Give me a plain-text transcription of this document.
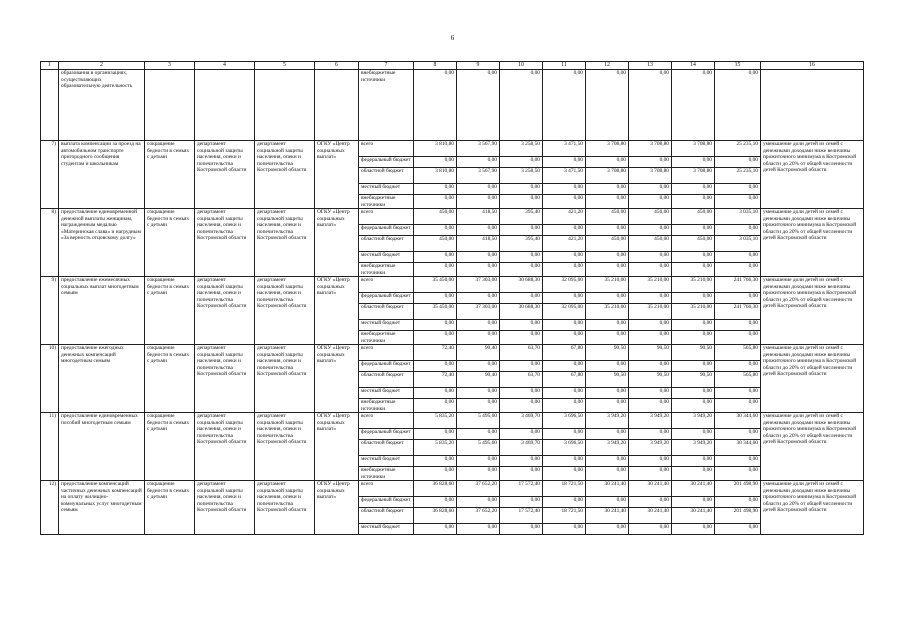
6
1	2	3	4	5	6	7	8	9	10	11	12	13	14	15	16
	образования в организациях, осуществляющих образовательную деятельность					внебюджетные источники	0,00	0,00	0,00	0,00	0,00	0,00	0,00	0,00	
7)	выплата компенсации за проезд на автомобильном транспорте пригородного сообщения студентам и школьникам	сокращение бедности в семьях с детьми	департамент социальной защиты населения, опеки и попечительства Костромской области	департамент социальной защиты населения, опеки и попечительства Костромской области	ОГКУ «Центр социальных выплат»	всего	3 810,80	3 567,90	3 258,50	3 471,50	3 708,80	3 708,80	3 708,80	25 235,10	уменьшение доли детей из семей с денежными доходами ниже величины прожиточного минимума в Костромской области до 20% от общей численности детей Костромской области
						федеральный бюджет	0,00	0,00	0,00	0,00	0,00	0,00	0,00	0,00	
						областной бюджет	3 810,80	3 567,90	3 258,50	3 471,50	3 708,80	3 708,80	3 708,80	25 235,10	
						местный бюджет	0,00	0,00	0,00	0,00	0,00	0,00	0,00	0,00	
						внебюджетные источники	0,00	0,00	0,00	0,00	0,00	0,00	0,00	0,00	
8)	предоставление единовременной денежной выплаты женщинам, награжденным медалью «Материнская слава» и нагрудным «За верность отцовскому долгу»	сокращение бедности в семьях с детьми	департамент социальной защиты населения, опеки и попечительства Костромской области	департамент социальной защиты населения, опеки и попечительства Костромской области	ОГКУ «Центр социальных выплат»	всего	450,00	418,50	395,40	421,20	450,00	450,00	450,00	3 035,10	уменьшение доли детей из семей с денежными доходами ниже величины прожиточного минимума в Костромской области до 20% от общей численности детей Костромской области
						федеральный бюджет	0,00	0,00	0,00	0,00	0,00	0,00	0,00	0,00	
						областной бюджет	450,00	418,50	395,40	421,20	450,00	450,00	450,00	3 035,10	
						местный бюджет	0,00	0,00	0,00	0,00	0,00	0,00	0,00	0,00	
						внебюджетные источники	0,00	0,00	0,00	0,00	0,00	0,00	0,00	0,00	
9)	предоставление ежемесячных социальных выплат многодетным семьям	сокращение бедности в семьях с детьми	департамент социальной защиты населения, опеки и попечительства Костромской области	департамент социальной защиты населения, опеки и попечительства Костромской области	ОГКУ «Центр социальных выплат»	всего	35 450,00	37 303,00	30 688,30	32 095,00	35 210,00	35 210,00	35 210,00	241 766,30	уменьшение доли детей из семей с денежными доходами ниже величины прожиточного минимума в Костромской области до 20% от общей численности детей Костромской области
						федеральный бюджет	0,00	0,00	0,00	0,00	0,00	0,00	0,00	0,00	
						областной бюджет	35 450,00	37 303,00	30 688,30	32 095,00	35 210,00	35 210,00	35 210,00	241 766,30	
						местный бюджет	0,00	0,00	0,00	0,00	0,00	0,00	0,00	0,00	
						внебюджетные источники	0,00	0,00	0,00	0,00	0,00	0,00	0,00	0,00	
10)	предоставление ежегодных денежных компенсаций многодетным семьям	сокращение бедности в семьях с детьми	департамент социальной защиты населения, опеки и попечительства Костромской области	департамент социальной защиты населения, опеки и попечительства Костромской области	ОГКУ «Центр социальных выплат»	всего	72,40	90,40	63,70	67,80	90,50	90,50	90,50	565,80	уменьшение доли детей из семей с денежными доходами ниже величины прожиточного минимума в Костромской области до 20% от общей численности детей Костромской области
						федеральный бюджет	0,00	0,00	0,00	0,00	0,00	0,00	0,00	0,00	
						областной бюджет	72,40	90,40	63,70	67,80	90,50	90,50	90,50	565,80	
						местный бюджет	0,00	0,00	0,00	0,00	0,00	0,00	0,00	0,00	
						внебюджетные источники	0,00	0,00	0,00	0,00	0,00	0,00	0,00	0,00	
11)	предоставление единовременных пособий многодетным семьям	сокращение бедности в семьях с детьми	департамент социальной защиты населения, опеки и попечительства Костромской области	департамент социальной защиты населения, опеки и попечительства Костромской области	ОГКУ «Центр социальных выплат»	всего	5 835,20	5 495,60	3 469,70	3 696,50	3 949,20	3 949,20	3 949,20	30 344,60	уменьшение доли детей из семей с денежными доходами ниже величины прожиточного минимума в Костромской области до 20% от общей численности детей Костромской области
						федеральный бюджет	0,00	0,00	0,00	0,00	0,00	0,00	0,00	0,00	
						областной бюджет	5 835,20	5 495,60	3 469,70	3 696,50	3 949,20	3 949,20	3 949,20	30 344,60	
						местный бюджет	0,00	0,00	0,00	0,00	0,00	0,00	0,00	0,00	
						внебюджетные источники	0,00	0,00	0,00	0,00	0,00	0,00	0,00	0,00	
12)	предоставление компенсаций частичных денежных компенсаций на оплату жилищно-коммунальных услуг многодетным семьям	сокращение бедности в семьях с детьми	департамент социальной защиты населения, опеки и попечительства Костромской области	департамент социальной защиты населения, опеки и попечительства Костромской области	ОГКУ «Центр социальных выплат»	всего	36 828,60	37 652,20	17 572,40	18 721,50	30 241,40	30 241,40	30 241,40	201 498,90	уменьшение доли детей из семей с денежными доходами ниже величины прожиточного минимума в Костромской области до 20% от общей численности детей Костромской области
						федеральный бюджет	0,00	0,00	0,00	0,00	0,00	0,00	0,00	0,00	
						областной бюджет	36 828,60	37 652,20	17 572,40	18 721,50	30 241,40	30 241,40	30 241,40	201 498,90	
						местный бюджет	0,00	0,00	0,00	0,00	0,00	0,00	0,00	0,00	
